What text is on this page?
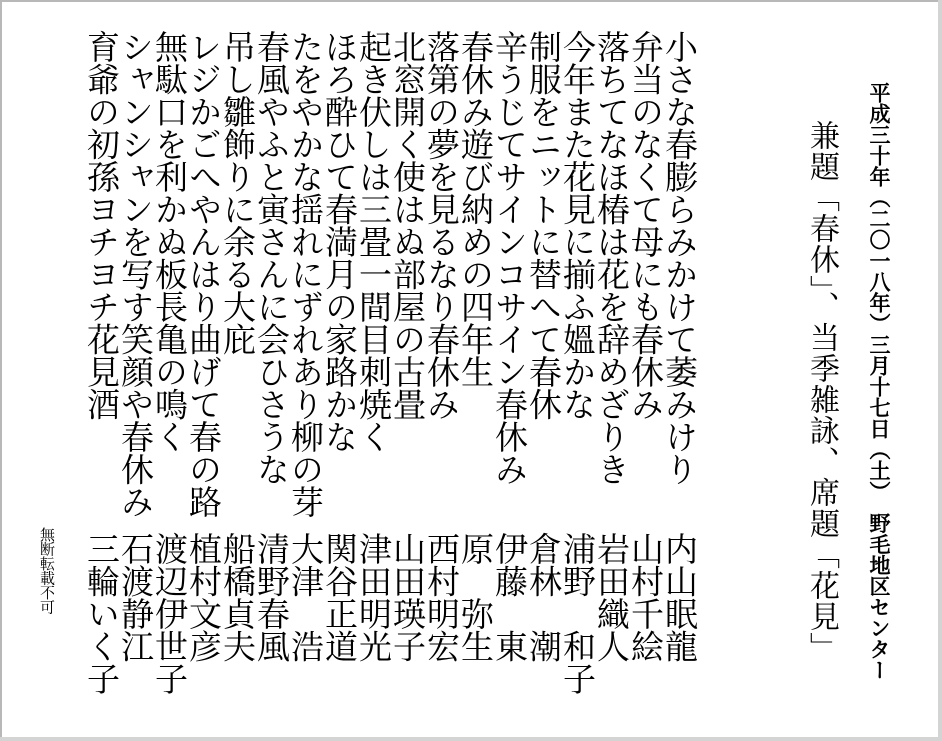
平成三十年（二〇一八年）三月十七日（土）　野毛地区センター
兼題「春休」、当季雑詠、席題「花見」
小さな春膨らみかけて萎みけり
弁当のなくて母にも春休み
落ちてなほ椿は花を辞めざりき
今年また花見に揃ふ媼かな
制服をニットに替へて春休
辛うじてサインコサイン春休み
春休み遊び納めの四年生
落第の夢を見るなり春休み
北窓開く使はぬ部屋の古畳
起き伏しは三畳一間目刺焼く
ほろ酔ひて春満月の家路かな
たをやかな揺れにずれあり柳の芽
春風やふと寅さんに会ひさうな
吊し雛飾りに余る大庇
レジかごへやんはり曲げて春の路
無駄口を利かぬ板長亀の鳴く
シャンシャンを写す笑顔や春休み
育爺の初孫ヨチヨチ花見酒
内山眠龍
山村千絵
岩田織人
浦野　和子
倉林　潮
伊藤　東
原　弥生
西村明宏
山田瑛子
津田明光
関谷正道
大津　浩
清野春風
船橋貞夫
植村文彦
渡辺伊世子
石渡静江
三輪いく子
無断転載不可
